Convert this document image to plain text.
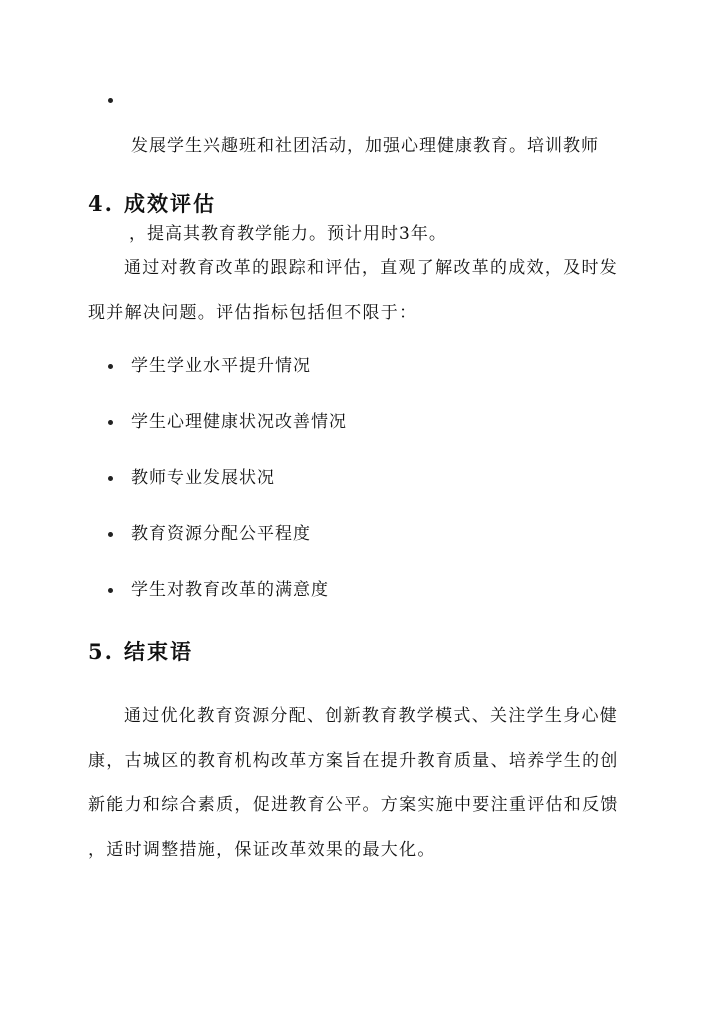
发展学生兴趣班和社团活动，加强心理健康教育。培训教师

，提高其教育教学能力。预计用时3年。

4. 成效评估
通过对教育改革的跟踪和评估，直观了解改革的成效，及时发
现并解决问题。评估指标包括但不限于：
学生学业水平提升情况
学生心理健康状况改善情况
教师专业发展状况
教育资源分配公平程度
学生对教育改革的满意度
5. 结束语
通过优化教育资源分配、创新教育教学模式、关注学生身心健
康，古城区的教育机构改革方案旨在提升教育质量、培养学生的创
新能力和综合素质，促进教育公平。方案实施中要注重评估和反馈
，适时调整措施，保证改革效果的最大化。
